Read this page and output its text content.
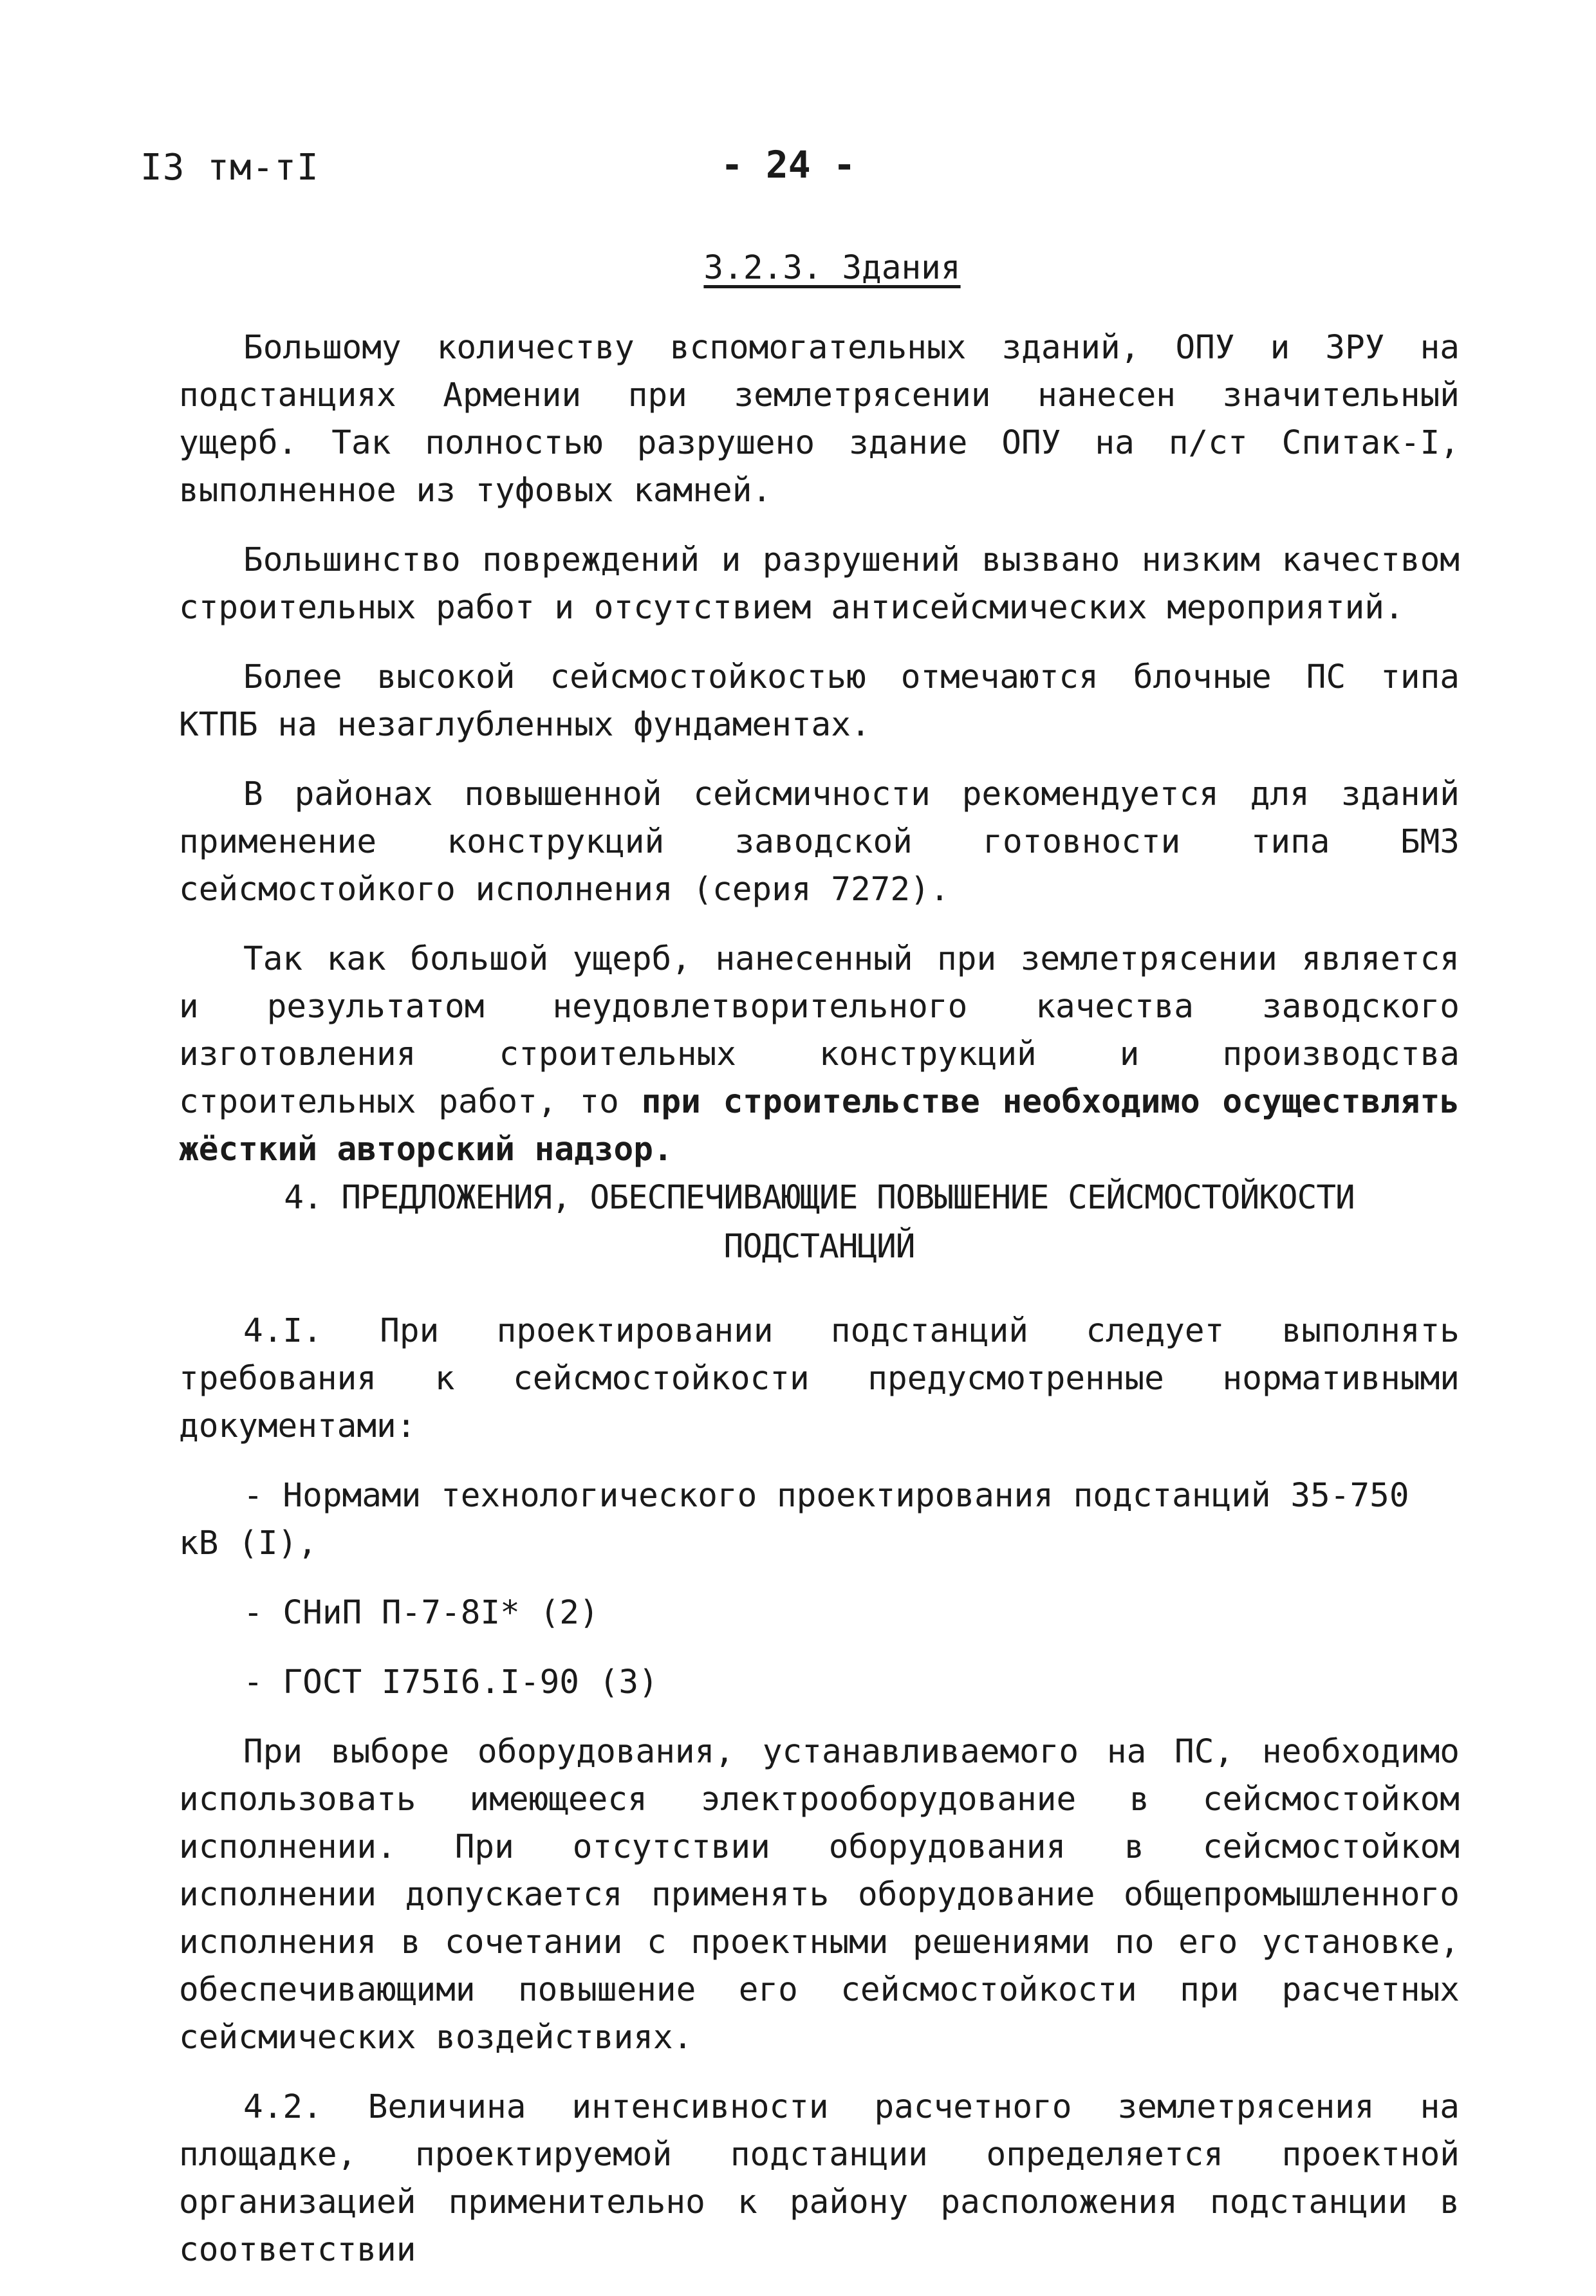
I3 тм-тI	- 24 -
3.2.3. Здания

Большому количеству вспомогательных зданий, ОПУ и ЗРУ на подстанциях Армении при землетрясении нанесен значительный ущерб. Так полностью разрушено здание ОПУ на п/ст Спитак-I, выполненное из туфовых камней.

Большинство повреждений и разрушений вызвано низким качеством строительных работ и отсутствием антисейсмических мероприятий.

Более высокой сейсмостойкостью отмечаются блочные ПС типа КТПБ на незаглубленных фундаментах.

В районах повышенной сейсмичности рекомендуется для зданий применение конструкций заводской готовности типа БМЗ сейсмостойкого исполнения (серия 7272).

Так как большой ущерб, нанесенный при землетрясении является и результатом неудовлетворительного качества заводского изготовления строительных конструкций и производства строительных работ, то при строительстве необходимо осуществлять жёсткий авторский надзор.

4. ПРЕДЛОЖЕНИЯ, ОБЕСПЕЧИВАЮЩИЕ ПОВЫШЕНИЕ СЕЙСМОСТОЙКОСТИ
ПОДСТАНЦИЙ

4.I. При проектировании подстанций следует выполнять требования к сейсмостойкости предусмотренные нормативными документами:

- Нормами технологического проектирования подстанций 35-750 кВ (I),
- СНиП П-7-8I* (2)
- ГОСТ I75I6.I-90 (3)

При выборе оборудования, устанавливаемого на ПС, необходимо использовать имеющееся электрооборудование в сейсмостойком исполнении. При отсутствии оборудования в сейсмостойком исполнении допускается применять оборудование общепромышленного исполнения в сочетании с проектными решениями по его установке, обеспечивающими повышение его сейсмостойкости при расчетных сейсмических воздействиях.

4.2. Величина интенсивности расчетного землетрясения на площадке, проектируемой подстанции определяется проектной организацией применительно к району расположения подстанции в соответствии
